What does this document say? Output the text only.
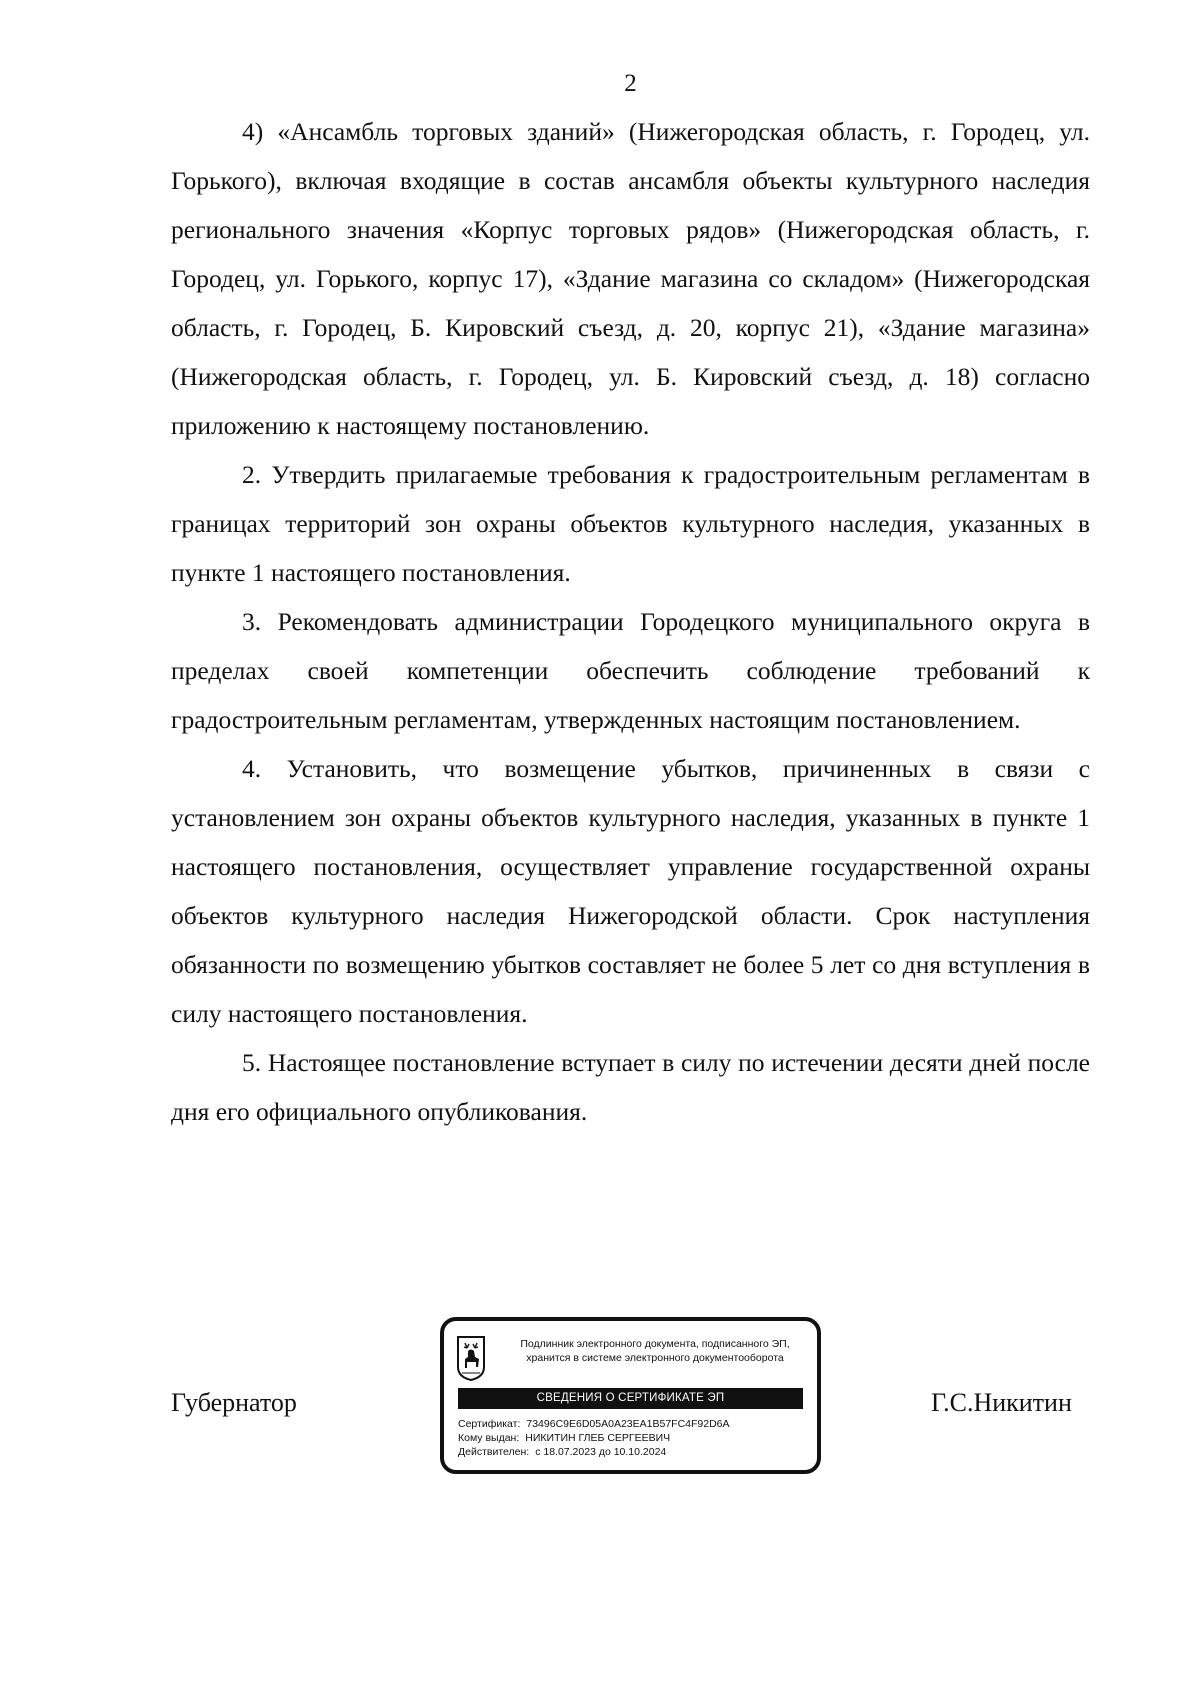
2

4) «Ансамбль торговых зданий» (Нижегородская область, г. Городец, ул. Горького), включая входящие в состав ансамбля объекты культурного наследия регионального значения «Корпус торговых рядов» (Нижегородская область, г. Городец, ул. Горького, корпус 17), «Здание магазина со складом» (Нижегородская область, г. Городец, Б. Кировский съезд, д. 20, корпус 21), «Здание магазина» (Нижегородская область, г. Городец, ул. Б. Кировский съезд, д. 18) согласно приложению к настоящему постановлению.

2. Утвердить прилагаемые требования к градостроительным регламентам в границах территорий зон охраны объектов культурного наследия, указанных в пункте 1 настоящего постановления.

3. Рекомендовать администрации Городецкого муниципального округа в пределах своей компетенции обеспечить соблюдение требований к градостроительным регламентам, утвержденных настоящим постановлением.

4. Установить, что возмещение убытков, причиненных в связи с установлением зон охраны объектов культурного наследия, указанных в пункте 1 настоящего постановления, осуществляет управление государственной охраны объектов культурного наследия Нижегородской области. Срок наступления обязанности по возмещению убытков составляет не более 5 лет со дня вступления в силу настоящего постановления.

5. Настоящее постановление вступает в силу по истечении десяти дней после дня его официального опубликования.

Губернатор	Г.С.Никитин
Подлинник электронного документа, подписанного ЭП,
хранится в системе электронного документооборота
СВЕДЕНИЯ О СЕРТИФИКАТЕ ЭП
Сертификат: 73496C9E6D05A0A23EA1B57FC4F92D6A
Кому выдан: НИКИТИН ГЛЕБ СЕРГЕЕВИЧ
Действителен: с 18.07.2023 до 10.10.2024
